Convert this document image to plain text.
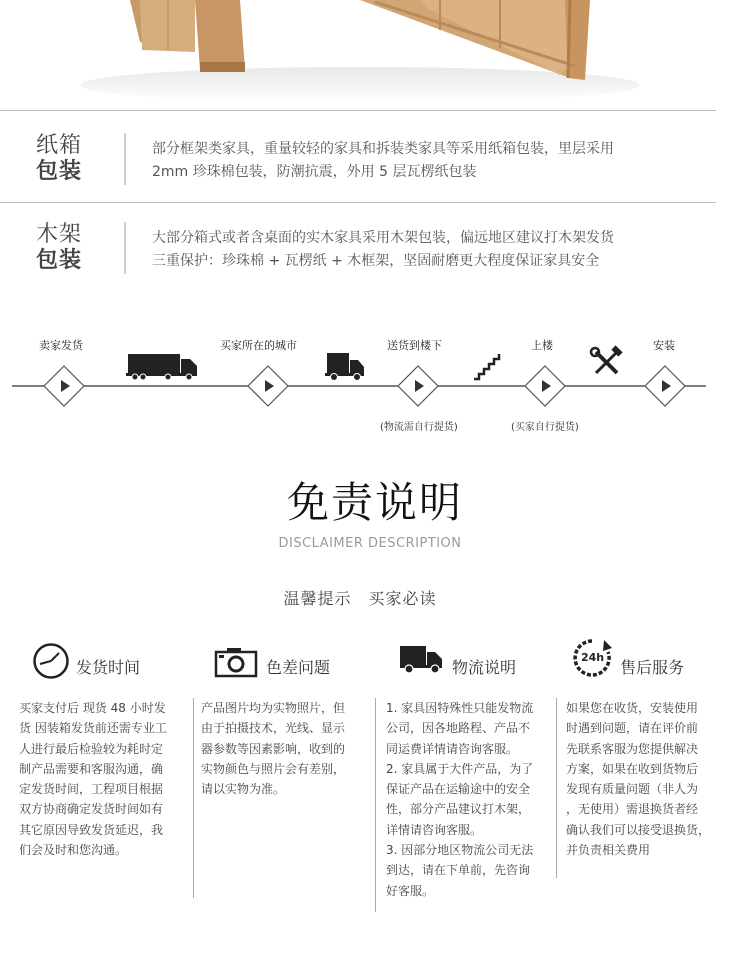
纸箱
包装
部分框架类家具，重量较轻的家具和拆装类家具等采用纸箱包装，里层采用
2mm 珍珠棉包装，防潮抗震，外用 5 层瓦楞纸包装
木架
包装
大部分箱式或者含桌面的实木家具采用木架包装，偏远地区建议打木架发货
三重保护：珍珠棉 + 瓦楞纸 + 木框架，坚固耐磨更大程度保证家具安全
卖家发货	买家所在的城市	送货到楼下	上楼	安装
(物流需自行提货)	(买家自行提货)
免责说明
DISCLAIMER DESCRIPTION
温馨提示　买家必读
发货时间	色差问题	物流说明
24h
售后服务
买家支付后 现货 48 小时发
货 因装箱发货前还需专业工
人进行最后检验较为耗时定
制产品需要和客服沟通，确
定发货时间，工程项目根据
双方协商确定发货时间如有
其它原因导致发货延迟，我
们会及时和您沟通。
产品图片均为实物照片，但
由于拍摄技术，光线、显示
器参数等因素影响，收到的
实物颜色与照片会有差别，
请以实物为准。
1. 家具因特殊性只能发物流
公司，因各地路程、产品不
同运费详情请咨询客服。
2. 家具属于大件产品，为了
保证产品在运输途中的安全
性，部分产品建议打木架，
详情请咨询客服。
3. 因部分地区物流公司无法
到达，请在下单前，先咨询
好客服。
如果您在收货，安装使用
时遇到问题，请在评价前
先联系客服为您提供解决
方案，如果在收到货物后
发现有质量问题（非人为
，无使用）需退换货者经
确认我们可以接受退换货，
并负责相关费用
